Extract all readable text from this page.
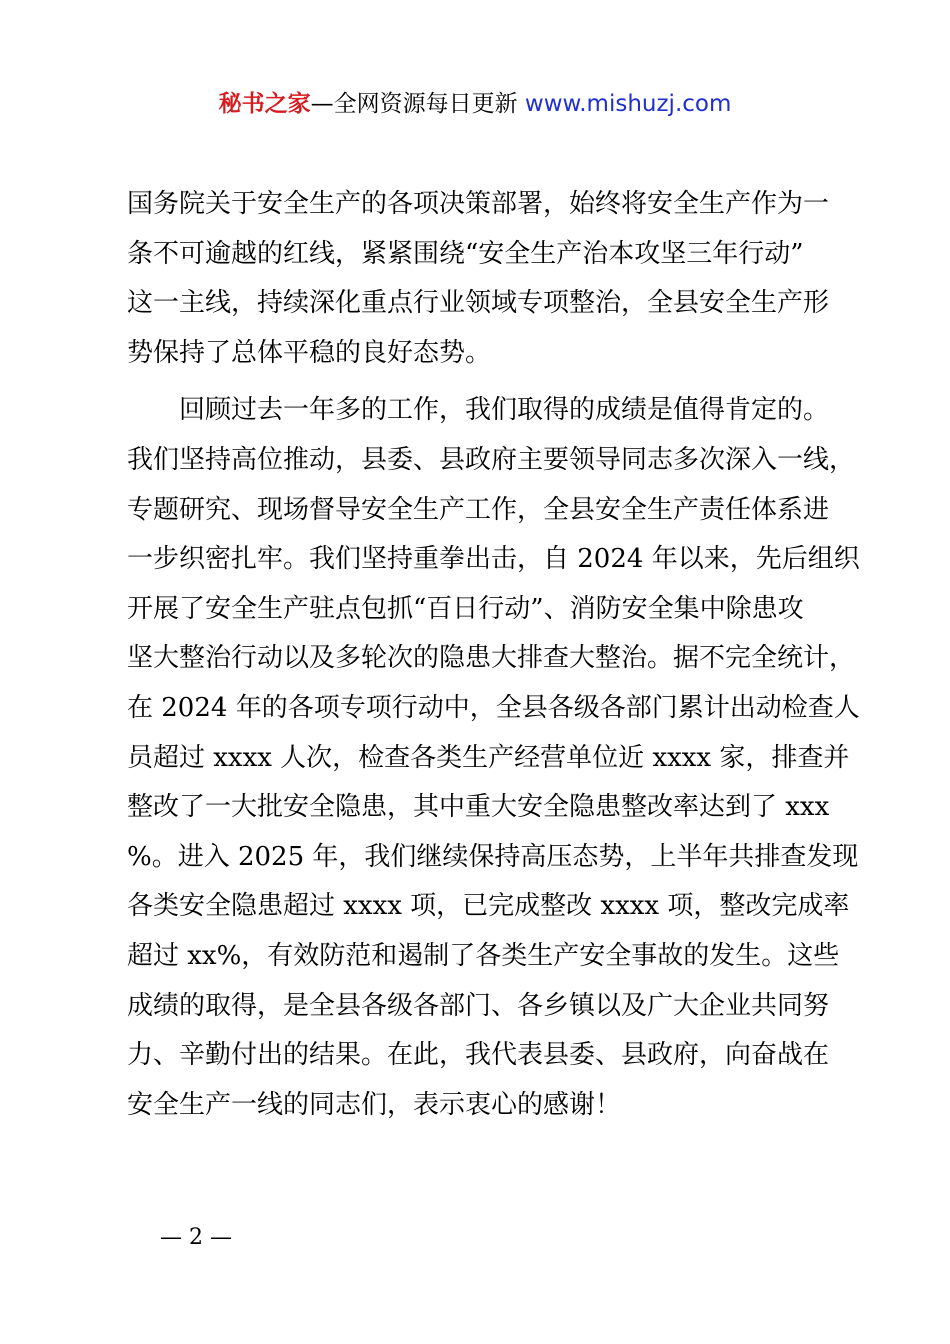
秘书之家—全网资源每日更新 www.mishuzj.com

国务院关于安全生产的各项决策部署，始终将安全生产作为一
条不可逾越的红线，紧紧围绕“安全生产治本攻坚三年行动”
这一主线，持续深化重点行业领域专项整治，全县安全生产形
势保持了总体平稳的良好态势。

回顾过去一年多的工作，我们取得的成绩是值得肯定的。
我们坚持高位推动，县委、县政府主要领导同志多次深入一线，
专题研究、现场督导安全生产工作，全县安全生产责任体系进
一步织密扎牢。我们坚持重拳出击，自 2024 年以来，先后组织
开展了安全生产驻点包抓“百日行动”、消防安全集中除患攻
坚大整治行动以及多轮次的隐患大排查大整治。据不完全统计，
在 2024 年的各项专项行动中，全县各级各部门累计出动检查人
员超过 xxxx 人次，检查各类生产经营单位近 xxxx 家，排查并
整改了一大批安全隐患，其中重大安全隐患整改率达到了 xxx
%。进入 2025 年，我们继续保持高压态势，上半年共排查发现
各类安全隐患超过 xxxx 项，已完成整改 xxxx 项，整改完成率
超过 xx%，有效防范和遏制了各类生产安全事故的发生。这些
成绩的取得，是全县各级各部门、各乡镇以及广大企业共同努
力、辛勤付出的结果。在此，我代表县委、县政府，向奋战在
安全生产一线的同志们，表示衷心的感谢！

— 2 —
